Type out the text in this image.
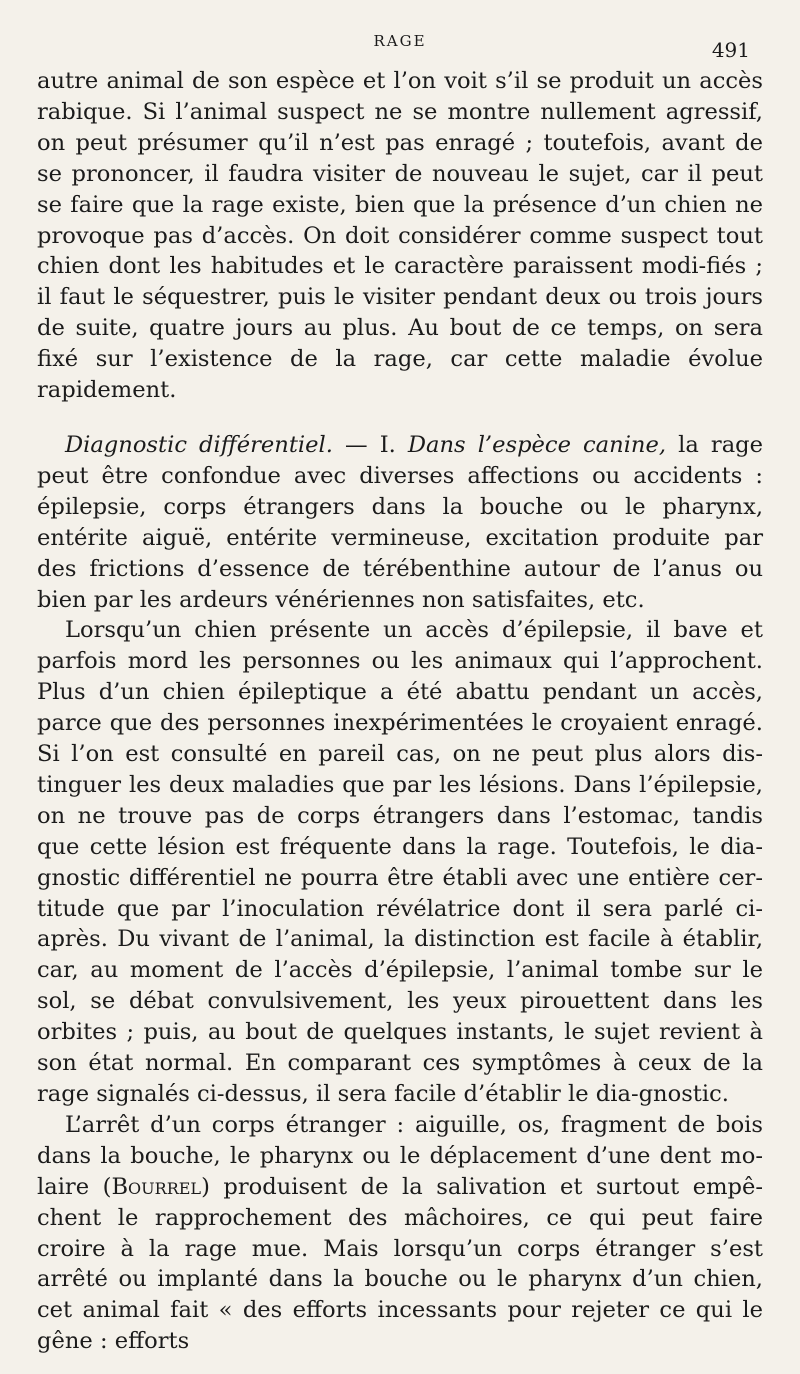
RAGE	491

autre animal de son espèce et l’on voit s’il se produit un accès rabique. Si l’animal suspect ne se montre nullement agressif, on peut présumer qu’il n’est pas enragé ; toutefois, avant de se prononcer, il faudra visiter de nouveau le sujet, car il peut se faire que la rage existe, bien que la présence d’un chien ne provoque pas d’accès. On doit considérer comme suspect tout chien dont les habitudes et le caractère paraissent modi-fiés ; il faut le séquestrer, puis le visiter pendant deux ou trois jours de suite, quatre jours au plus. Au bout de ce temps, on sera fixé sur l’existence de la rage, car cette maladie évolue rapidement.

Diagnostic différentiel. — I. Dans l’espèce canine, la rage peut être confondue avec diverses affections ou accidents : épilepsie, corps étrangers dans la bouche ou le pharynx, entérite aiguë, entérite vermineuse, excitation produite par des frictions d’essence de térébenthine autour de l’anus ou bien par les ardeurs vénériennes non satisfaites, etc.

Lorsqu’un chien présente un accès d’épilepsie, il bave et parfois mord les personnes ou les animaux qui l’approchent. Plus d’un chien épileptique a été abattu pendant un accès, parce que des personnes inexpérimentées le croyaient enragé. Si l’on est consulté en pareil cas, on ne peut plus alors dis-tinguer les deux maladies que par les lésions. Dans l’épilepsie, on ne trouve pas de corps étrangers dans l’estomac, tandis que cette lésion est fréquente dans la rage. Toutefois, le dia-gnostic différentiel ne pourra être établi avec une entière cer-titude que par l’inoculation révélatrice dont il sera parlé ci-après. Du vivant de l’animal, la distinction est facile à établir, car, au moment de l’accès d’épilepsie, l’animal tombe sur le sol, se débat convulsivement, les yeux pirouettent dans les orbites ; puis, au bout de quelques instants, le sujet revient à son état normal. En comparant ces symptômes à ceux de la rage signalés ci-dessus, il sera facile d’établir le dia-gnostic.

L’arrêt d’un corps étranger : aiguille, os, fragment de bois dans la bouche, le pharynx ou le déplacement d’une dent mo-laire (Bourrel) produisent de la salivation et surtout empê-chent le rapprochement des mâchoires, ce qui peut faire croire à la rage mue. Mais lorsqu’un corps étranger s’est arrêté ou implanté dans la bouche ou le pharynx d’un chien, cet animal fait « des efforts incessants pour rejeter ce qui le gêne : efforts
